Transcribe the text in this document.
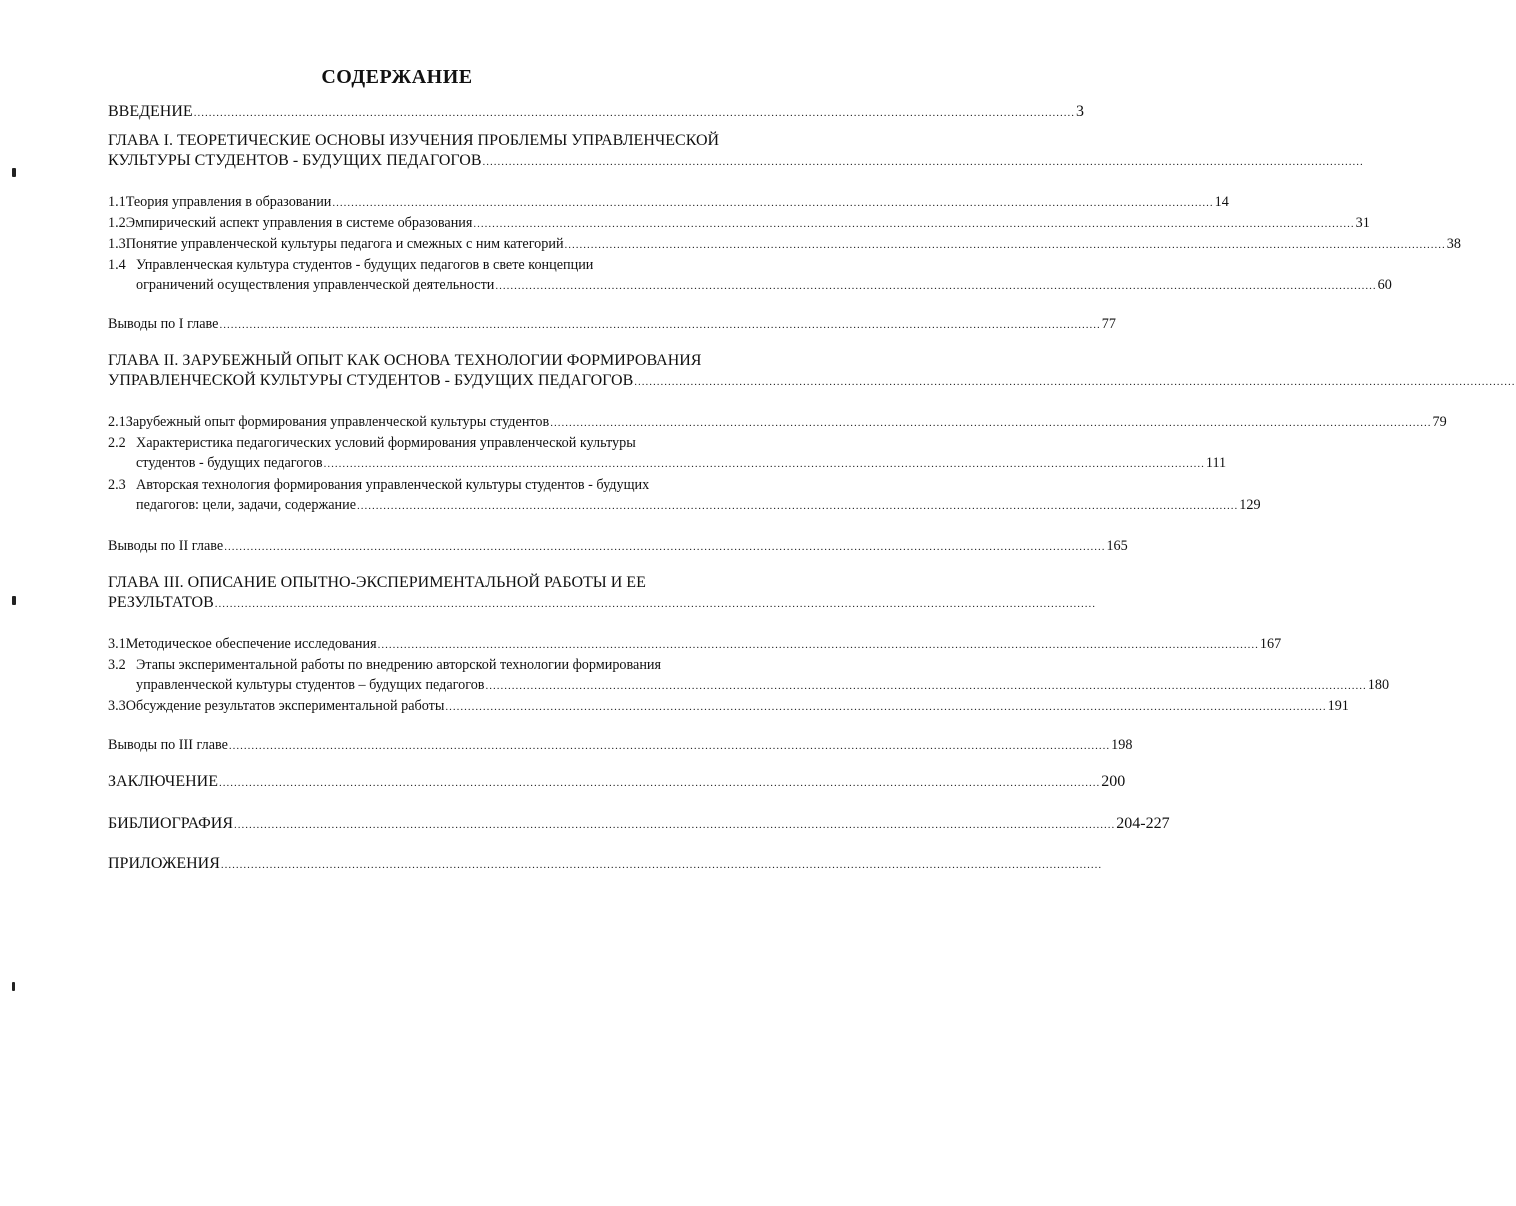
СОДЕРЖАНИЕ
ВВЕДЕНИЕ ........................................................................................................................................................................................................................................... 3
ГЛАВА I. ТЕОРЕТИЧЕСКИЕ ОСНОВЫ ИЗУЧЕНИЯ ПРОБЛЕМЫ УПРАВЛЕНЧЕСКОЙ
КУЛЬТУРЫ СТУДЕНТОВ - БУДУЩИХ ПЕДАГОГОВ ...........................................................................................................................................................................................................................................
1.1 Теория управления в образовании ........................................................................................................................................................................................................................................... 14
1.2 Эмпирический аспект управления в системе образования ........................................................................................................................................................................................................................................... 31
1.3 Понятие управленческой культуры педагога и смежных с ним категорий ........................................................................................................................................................................................................................................... 38
1.4 Управленческая культура студентов - будущих педагогов в свете концепции
ограничений осуществления управленческой деятельности ........................................................................................................................................................................................................................................... 60
Выводы по I главе ........................................................................................................................................................................................................................................... 77
ГЛАВА II. ЗАРУБЕЖНЫЙ ОПЫТ КАК ОСНОВА ТЕХНОЛОГИИ ФОРМИРОВАНИЯ
УПРАВЛЕНЧЕСКОЙ КУЛЬТУРЫ СТУДЕНТОВ - БУДУЩИХ ПЕДАГОГОВ ...........................................................................................................................................................................................................................................
2.1 Зарубежный опыт формирования управленческой культуры студентов ........................................................................................................................................................................................................................................... 79
2.2 Характеристика педагогических условий формирования управленческой культуры
студентов - будущих педагогов ........................................................................................................................................................................................................................................... 111
2.3 Авторская технология формирования управленческой культуры студентов - будущих
педагогов: цели, задачи, содержание ........................................................................................................................................................................................................................................... 129
Выводы по II главе ........................................................................................................................................................................................................................................... 165
ГЛАВА III. ОПИСАНИЕ ОПЫТНО-ЭКСПЕРИМЕНТАЛЬНОЙ РАБОТЫ И ЕЕ
РЕЗУЛЬТАТОВ ...........................................................................................................................................................................................................................................
3.1 Методическое обеспечение исследования ........................................................................................................................................................................................................................................... 167
3.2 Этапы экспериментальной работы по внедрению авторской технологии формирования
управленческой культуры студентов – будущих педагогов ........................................................................................................................................................................................................................................... 180
3.3 Обсуждение результатов экспериментальной работы ........................................................................................................................................................................................................................................... 191
Выводы по III главе ........................................................................................................................................................................................................................................... 198
ЗАКЛЮЧЕНИЕ ........................................................................................................................................................................................................................................... 200
БИБЛИОГРАФИЯ ........................................................................................................................................................................................................................................... 204-227
ПРИЛОЖЕНИЯ ...........................................................................................................................................................................................................................................
